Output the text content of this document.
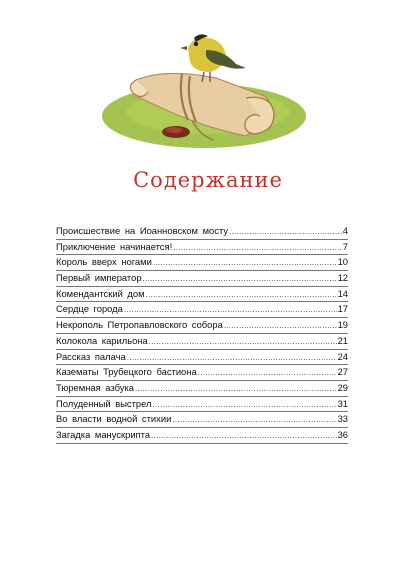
Содержание
Происшествие на Иоанновском мосту .....	4
Приключение начинается! .....	7
Король вверх ногами .....	10
Первый император .....	12
Комендантский дом .....	14
Сердце города .....	17
Некрополь Петропавловского собора .....	19
Колокола карильона .....	21
Рассказ палача .....	24
Казематы Трубецкого бастиона .....	27
Тюремная азбука .....	29
Полуденный выстрел .....	31
Во власти водной стихии .....	33
Загадка манускрипта .....	36
